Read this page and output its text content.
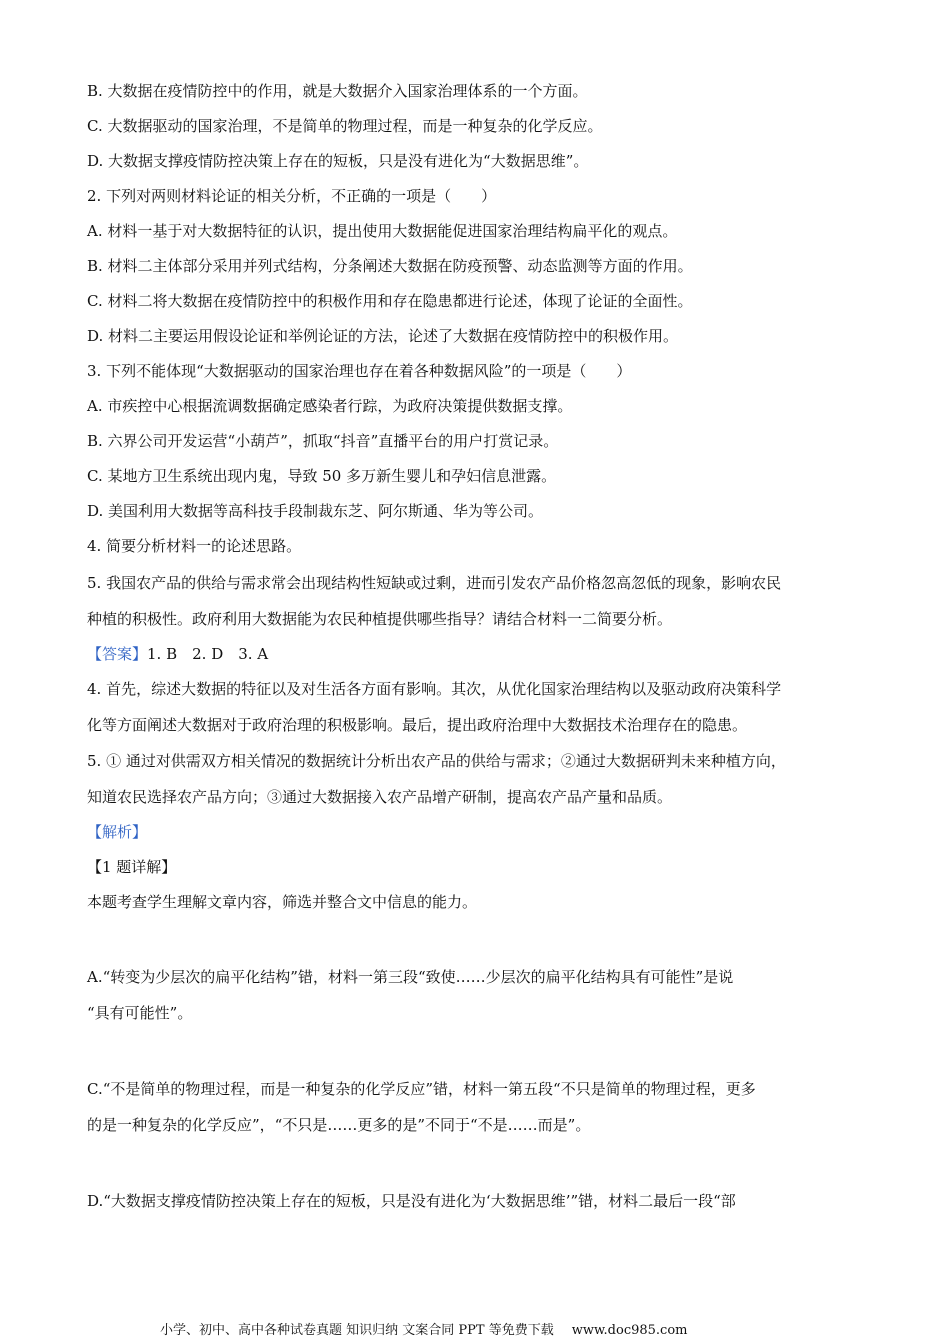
B. 大数据在疫情防控中的作用，就是大数据介入国家治理体系的一个方面。
C. 大数据驱动的国家治理，不是简单的物理过程，而是一种复杂的化学反应。
D. 大数据支撑疫情防控决策上存在的短板，只是没有进化为“大数据思维”。
2. 下列对两则材料论证的相关分析，不正确的一项是（　　）
A. 材料一基于对大数据特征的认识，提出使用大数据能促进国家治理结构扁平化的观点。
B. 材料二主体部分采用并列式结构，分条阐述大数据在防疫预警、动态监测等方面的作用。
C. 材料二将大数据在疫情防控中的积极作用和存在隐患都进行论述，体现了论证的全面性。
D. 材料二主要运用假设论证和举例论证的方法，论述了大数据在疫情防控中的积极作用。
3. 下列不能体现“大数据驱动的国家治理也存在着各种数据风险”的一项是（　　）
A. 市疾控中心根据流调数据确定感染者行踪，为政府决策提供数据支撑。
B. 六界公司开发运营“小葫芦”，抓取“抖音”直播平台的用户打赏记录。
C. 某地方卫生系统出现内鬼，导致 50 多万新生婴儿和孕妇信息泄露。
D. 美国利用大数据等高科技手段制裁东芝、阿尔斯通、华为等公司。
4. 简要分析材料一的论述思路。
5. 我国农产品的供给与需求常会出现结构性短缺或过剩，进而引发农产品价格忽高忽低的现象，影响农民
种植的积极性。政府利用大数据能为农民种植提供哪些指导？请结合材料一二简要分析。
【答案】1. B　2. D　3. A
4. 首先，综述大数据的特征以及对生活各方面有影响。其次，从优化国家治理结构以及驱动政府决策科学
化等方面阐述大数据对于政府治理的积极影响。最后，提出政府治理中大数据技术治理存在的隐患。
5. ① 通过对供需双方相关情况的数据统计分析出农产品的供给与需求；②通过大数据研判未来种植方向，
知道农民选择农产品方向；③通过大数据接入农产品增产研制，提高农产品产量和品质。
【解析】
【1 题详解】
本题考查学生理解文章内容，筛选并整合文中信息的能力。
A.“转变为少层次的扁平化结构”错，材料一第三段“致使……少层次的扁平化结构具有可能性”是说
“具有可能性”。
C.“不是简单的物理过程，而是一种复杂的化学反应”错，材料一第五段“不只是简单的物理过程，更多
的是一种复杂的化学反应”，“不只是……更多的是”不同于“不是……而是”。
D.“大数据支撑疫情防控决策上存在的短板，只是没有进化为‘大数据思维’”错，材料二最后一段“部
小学、初中、高中各种试卷真题 知识归纳 文案合同 PPT 等免费下载 www.doc985.com
